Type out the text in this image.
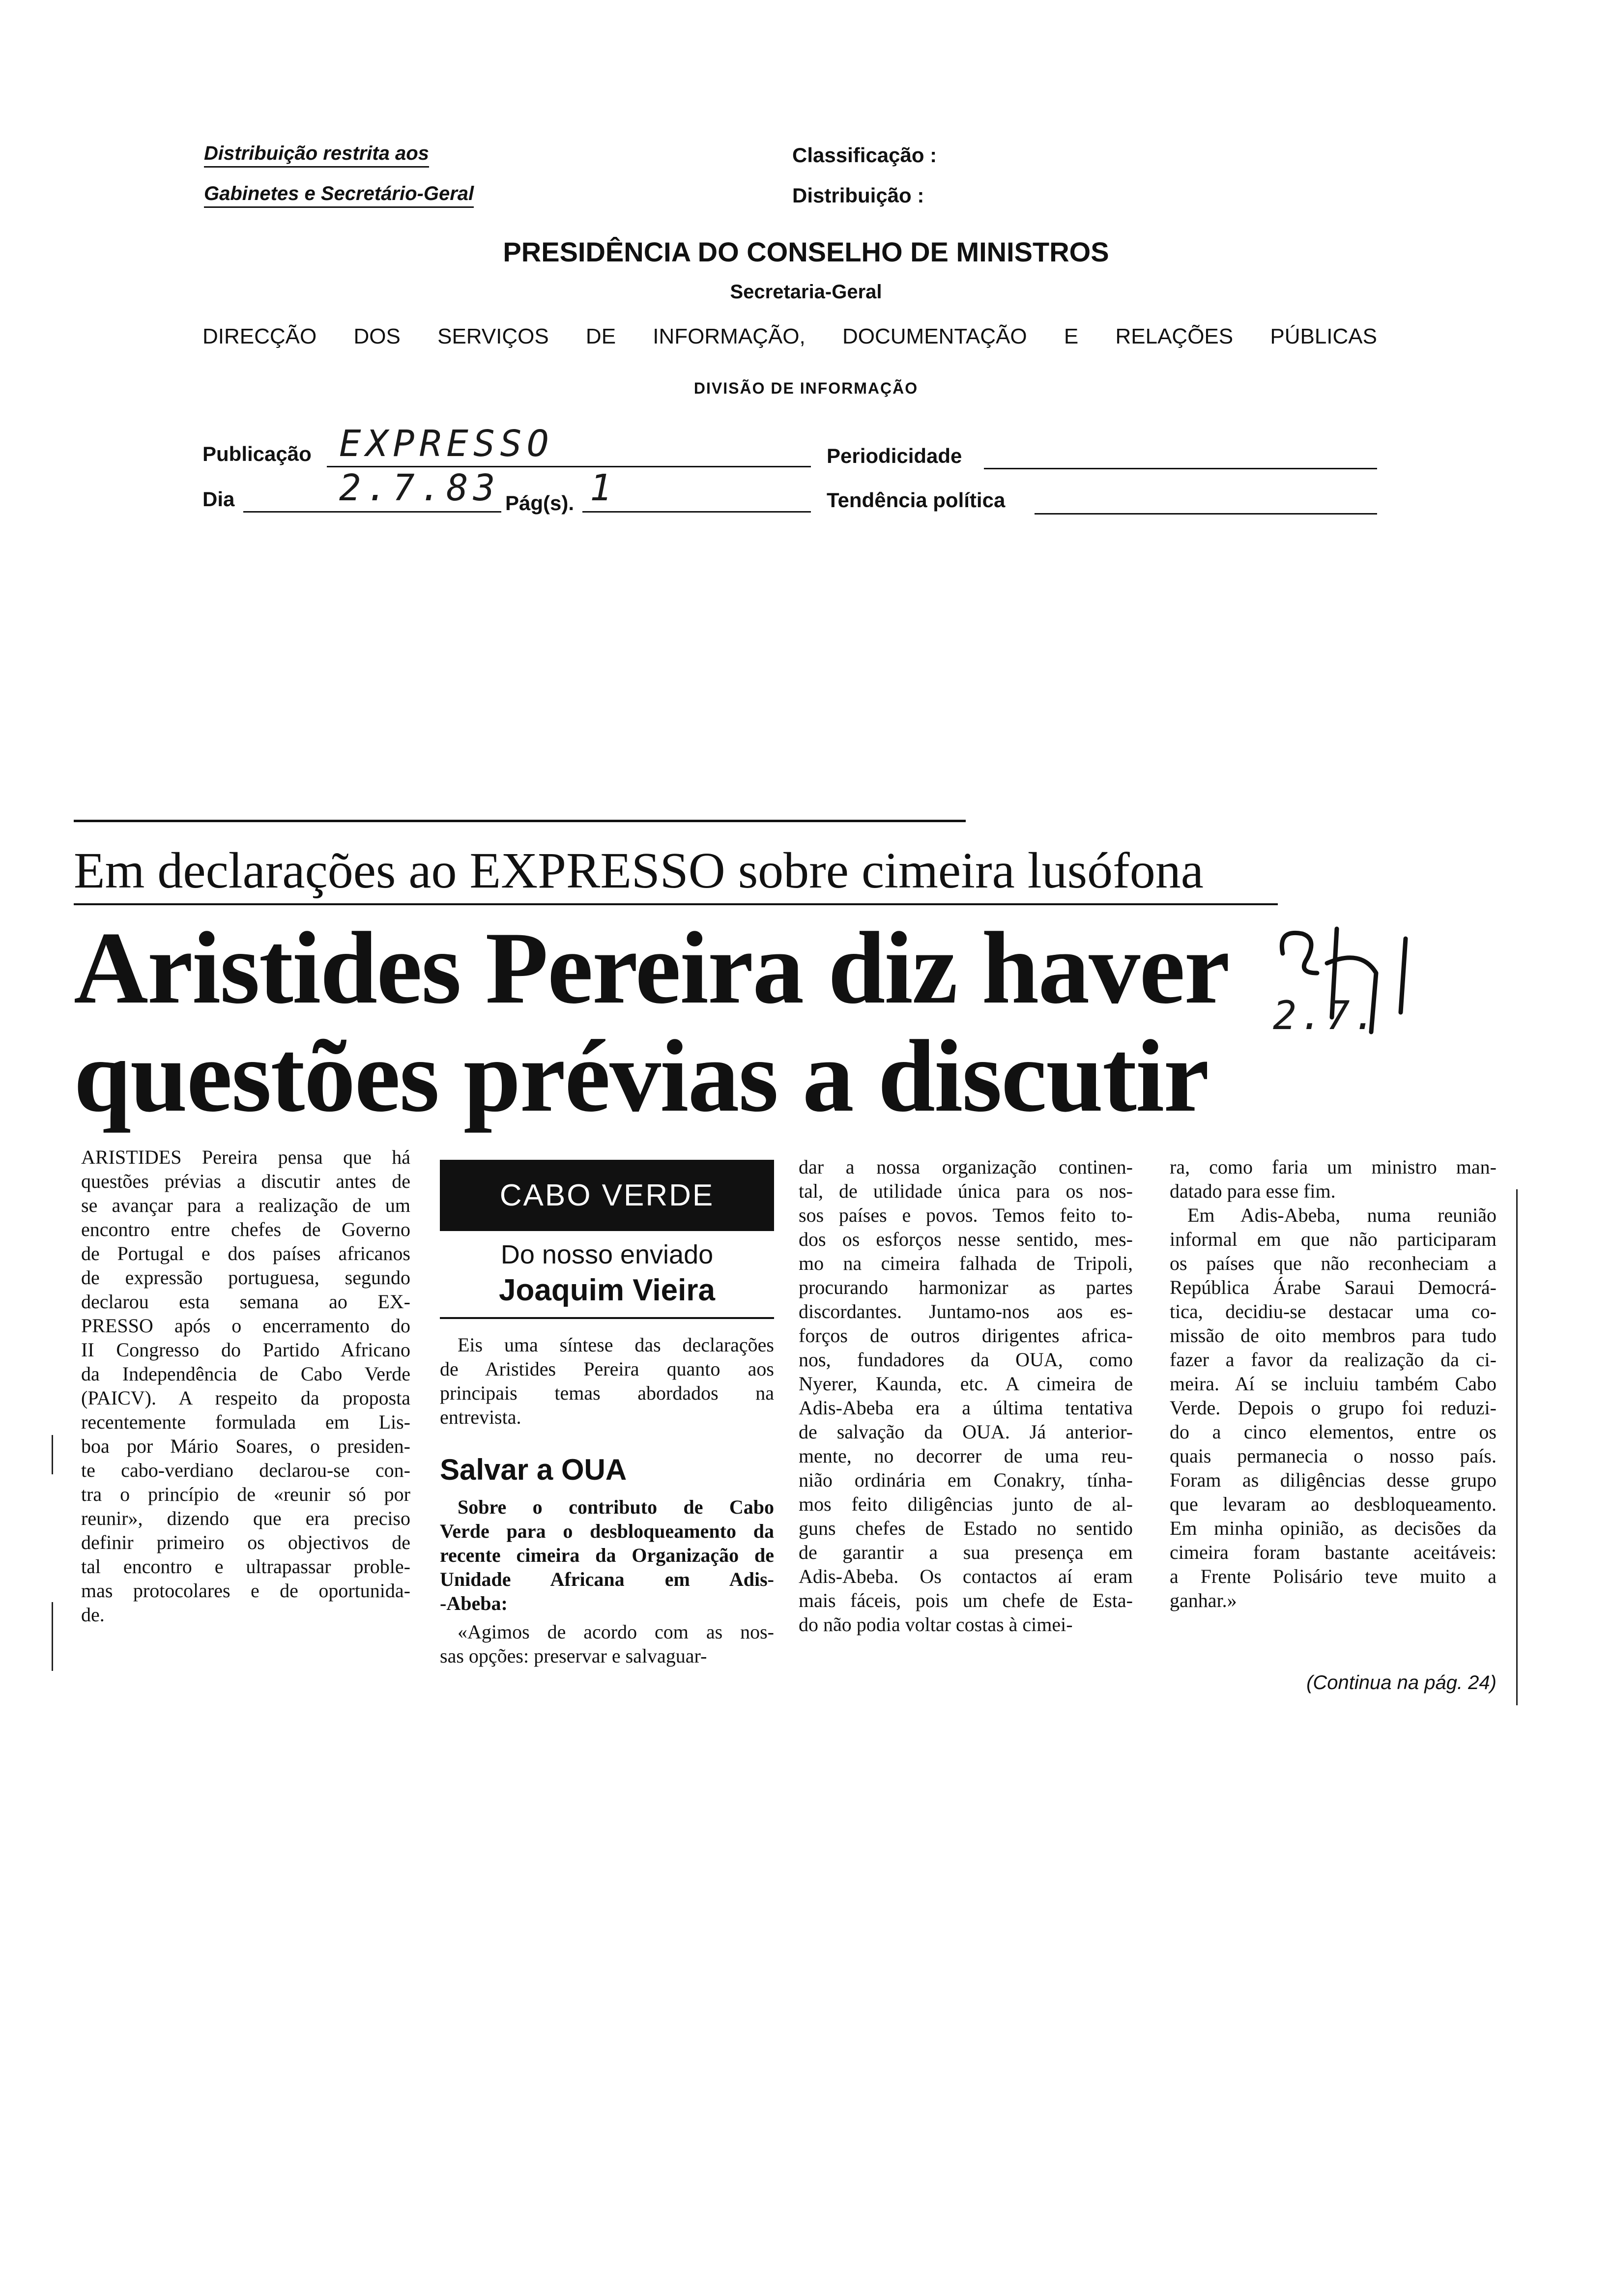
Distribuição restrita aos
Gabinetes e Secretário-Geral
Classificação :
Distribuição :
PRESIDÊNCIA DO CONSELHO DE MINISTROS
Secretaria-Geral
DIRECÇÃO DOS SERVIÇOS DE INFORMAÇÃO, DOCUMENTAÇÃO E RELAÇÕES PÚBLICAS
DIVISÃO DE INFORMAÇÃO
Publicação EXPRESSO	Periodicidade
Dia	2.7.83 Pág(s). 1	Tendência política
Em declarações ao EXPRESSO sobre cimeira lusófona
Aristides Pereira diz haver
questões prévias a discutir
2.7.
ARISTIDES Pereira pensa que há
questões prévias a discutir antes de
se avançar para a realização de um
encontro entre chefes de Governo
de Portugal e dos países africanos
de expressão portuguesa, segundo
declarou esta semana ao EX-
PRESSO após o encerramento do
II Congresso do Partido Africano
da Independência de Cabo Verde
(PAICV). A respeito da proposta
recentemente formulada em Lis-
boa por Mário Soares, o presiden-
te cabo-verdiano declarou-se con-
tra o princípio de «reunir só por
reunir», dizendo que era preciso
definir primeiro os objectivos de
tal encontro e ultrapassar proble-
mas protocolares e de oportunida-
de.
CABO VERDE
Do nosso enviado
Joaquim Vieira
Eis uma síntese das declarações
de Aristides Pereira quanto aos
principais temas abordados na
entrevista.
Salvar a OUA
Sobre o contributo de Cabo
Verde para o desbloqueamento da
recente cimeira da Organização de
Unidade Africana em Adis-
-Abeba:
«Agimos de acordo com as nos-
sas opções: preservar e salvaguar-
dar a nossa organização continen-
tal, de utilidade única para os nos-
sos países e povos. Temos feito to-
dos os esforços nesse sentido, mes-
mo na cimeira falhada de Tripoli,
procurando harmonizar as partes
discordantes. Juntamo-nos aos es-
forços de outros dirigentes africa-
nos, fundadores da OUA, como
Nyerer, Kaunda, etc. A cimeira de
Adis-Abeba era a última tentativa
de salvação da OUA. Já anterior-
mente, no decorrer de uma reu-
nião ordinária em Conakry, tínha-
mos feito diligências junto de al-
guns chefes de Estado no sentido
de garantir a sua presença em
Adis-Abeba. Os contactos aí eram
mais fáceis, pois um chefe de Esta-
do não podia voltar costas à cimei-
ra, como faria um ministro man-
datado para esse fim.
Em Adis-Abeba, numa reunião
informal em que não participaram
os países que não reconheciam a
República Árabe Saraui Democrá-
tica, decidiu-se destacar uma co-
missão de oito membros para tudo
fazer a favor da realização da ci-
meira. Aí se incluiu também Cabo
Verde. Depois o grupo foi reduzi-
do a cinco elementos, entre os
quais permanecia o nosso país.
Foram as diligências desse grupo
que levaram ao desbloqueamento.
Em minha opinião, as decisões da
cimeira foram bastante aceitáveis:
a Frente Polisário teve muito a
ganhar.»
(Continua na pág. 24)
